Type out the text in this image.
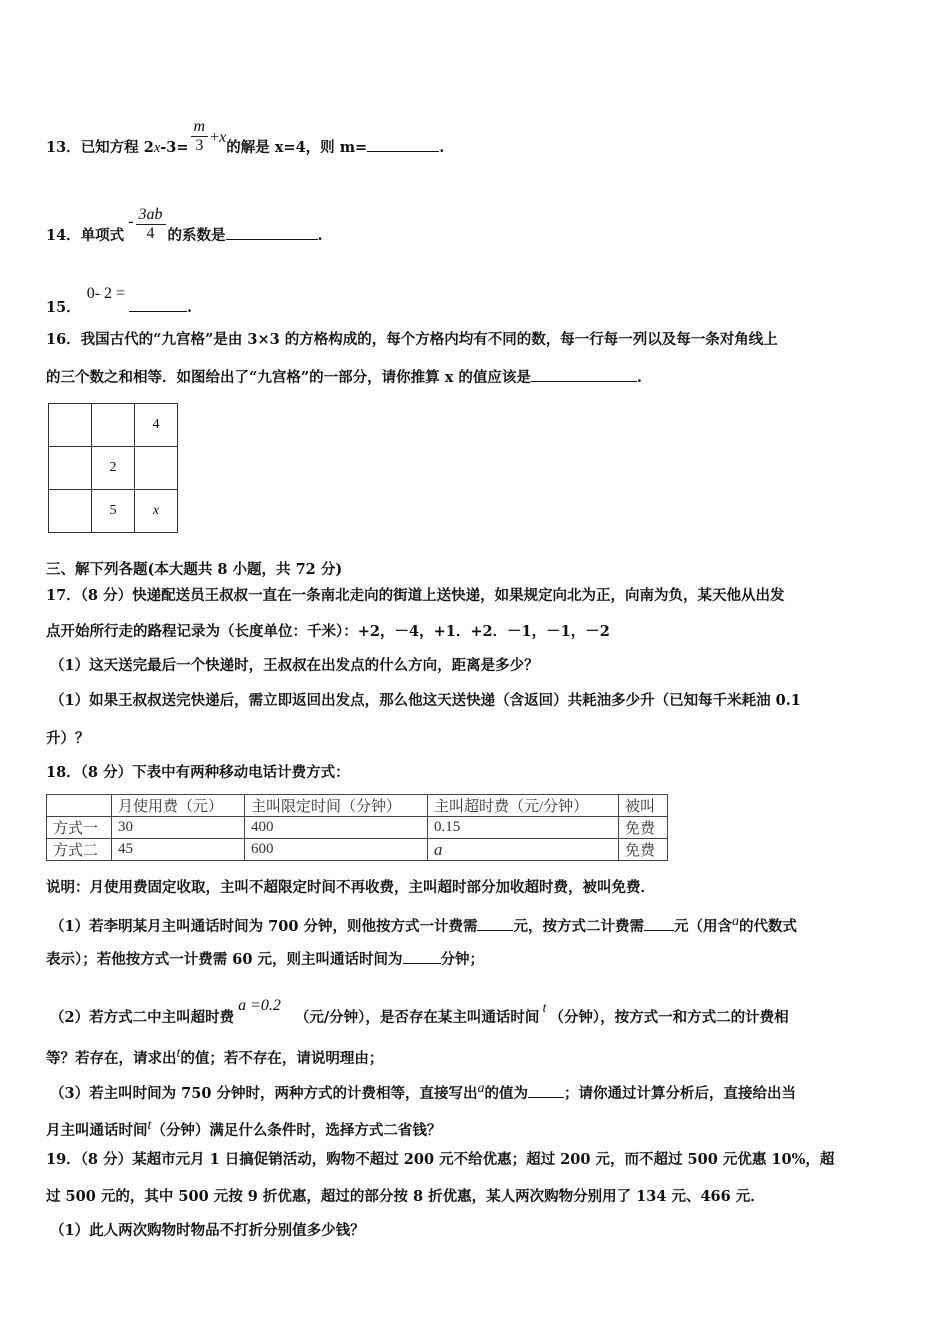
13．已知方程 $2x-3= \frac{m}{3} +x$的解是 x=4，则 m=	.
14．单项式- $\frac{3ab}{4}$ 的系数是	.
15．0- 2 =.
16．我国古代的“九宫格”是由 3×3 的方格构成的，每个方格内均有不同的数，每一行每一列以及每一条对角线上
的三个数之和相等．如图给出了“九宫格”的一部分，请你推算 x 的值应该是	.
		4
	2	
	5	x
三、解下列各题(本大题共 8 小题，共 72 分)
17．（8 分）快递配送员王叔叔一直在一条南北走向的街道上送快递，如果规定向北为正，向南为负，某天他从出发
点开始所行走的路程记录为（长度单位：千米）：+2，－4，+1．+2．－1，－1，－2
（1）这天送完最后一个快递时，王叔叔在出发点的什么方向，距离是多少？
（1）如果王叔叔送完快递后，需立即返回出发点，那么他这天送快递（含返回）共耗油多少升（已知每千米耗油 0.1
升）？
18．（8 分）下表中有两种移动电话计费方式：
	月使用费（元）	主叫限定时间（分钟）	主叫超时费（元/分钟）	被叫
方式一	30	400	0.15	免费
方式二	45	600	a	免费
说明：月使用费固定收取，主叫不超限定时间不再收费，主叫超时部分加收超时费，被叫免费．
（1）若李明某月主叫通话时间为 700 分钟，则他按方式一计费需 元，按方式二计费需 元（用含a的代数式
表示）；若他按方式一计费需 60 元，则主叫通话时间为	分钟；
（2）若方式二中主叫超时费a =0.2（元/分钟），是否存在某主叫通话时间t（分钟），按方式一和方式二的计费相
等？若存在，请求出t的值；若不存在，请说明理由；
（3）若主叫时间为 750 分钟时，两种方式的计费相等，直接写出a的值为 ；请你通过计算分析后，直接给出当
月主叫通话时间t（分钟）满足什么条件时，选择方式二省钱？
19．（8 分）某超市元月 1 日搞促销活动，购物不超过 200 元不给优惠；超过 200 元，而不超过 500 元优惠 10%，超
过 500 元的，其中 500 元按 9 折优惠，超过的部分按 8 折优惠，某人两次购物分别用了 134 元、466 元．
（1）此人两次购物时物品不打折分别值多少钱？
